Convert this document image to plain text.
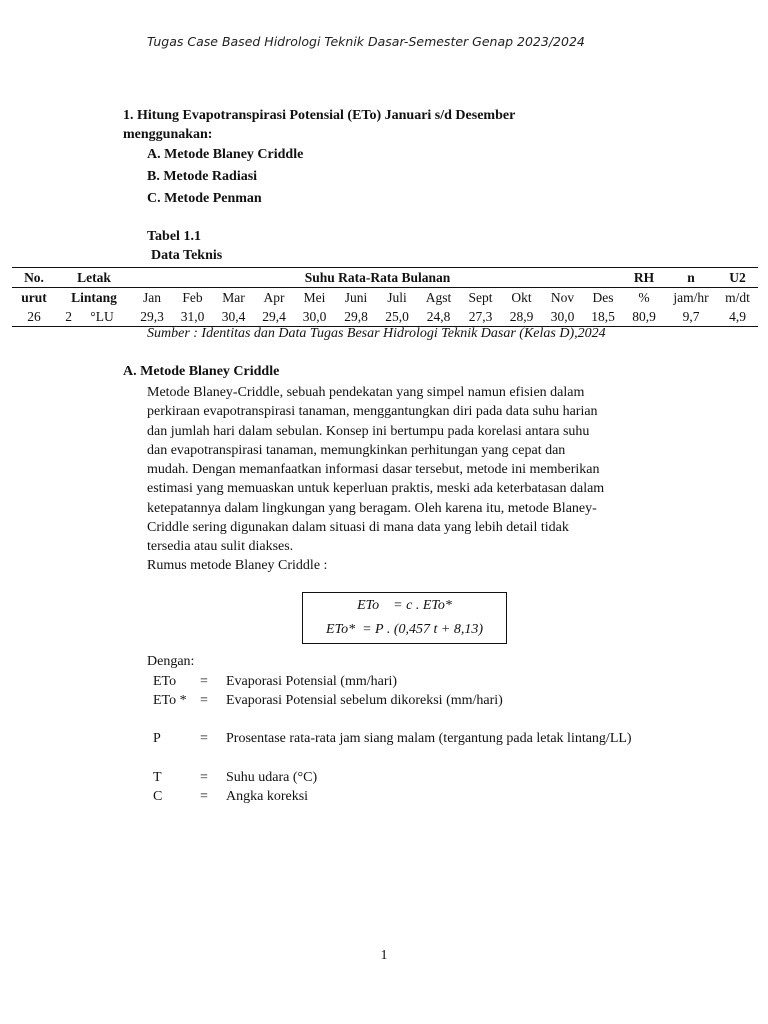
Tugas Case Based Hidrologi Teknik Dasar-Semester Genap 2023/2024
1. Hitung Evapotranspirasi Potensial (ETo) Januari s/d Desember
menggunakan:
A. Metode Blaney Criddle
B. Metode Radiasi
C. Metode Penman
Tabel 1.1
Data Teknis
No.	Letak		Suhu Rata-Rata Bulanan												RH	n	U2
urut	Lintang		Jan	Feb	Mar	Apr	Mei	Juni	Juli	Agst	Sept	Okt	Nov	Des	%	jam/hr	m/dt
26	2	°LU	29,3	31,0	30,4	29,4	30,0	29,8	25,0	24,8	27,3	28,9	30,0	18,5	80,9	9,7	4,9
Sumber : Identitas dan Data Tugas Besar Hidrologi Teknik Dasar (Kelas D),2024
A. Metode Blaney Criddle
Metode Blaney-Criddle, sebuah pendekatan yang simpel namun efisien dalam
perkiraan evapotranspirasi tanaman, menggantungkan diri pada data suhu harian
dan jumlah hari dalam sebulan. Konsep ini bertumpu pada korelasi antara suhu
dan evapotranspirasi tanaman, memungkinkan perhitungan yang cepat dan
mudah. Dengan memanfaatkan informasi dasar tersebut, metode ini memberikan
estimasi yang memuaskan untuk keperluan praktis, meski ada keterbatasan dalam
ketepatannya dalam lingkungan yang beragam. Oleh karena itu, metode Blaney-
Criddle sering digunakan dalam situasi di mana data yang lebih detail tidak
tersedia atau sulit diakses.
Rumus metode Blaney Criddle :
ETo    = c . ETo*
ETo*  = P . (0,457 t + 8,13)
Dengan:
ETo	=	Evaporasi Potensial (mm/hari)
ETo * =	Evaporasi Potensial sebelum dikoreksi (mm/hari)
P	=	Prosentase rata-rata jam siang malam (tergantung pada letak lintang/LL)
T	=	Suhu udara (°C)
C	=	Angka koreksi
1
